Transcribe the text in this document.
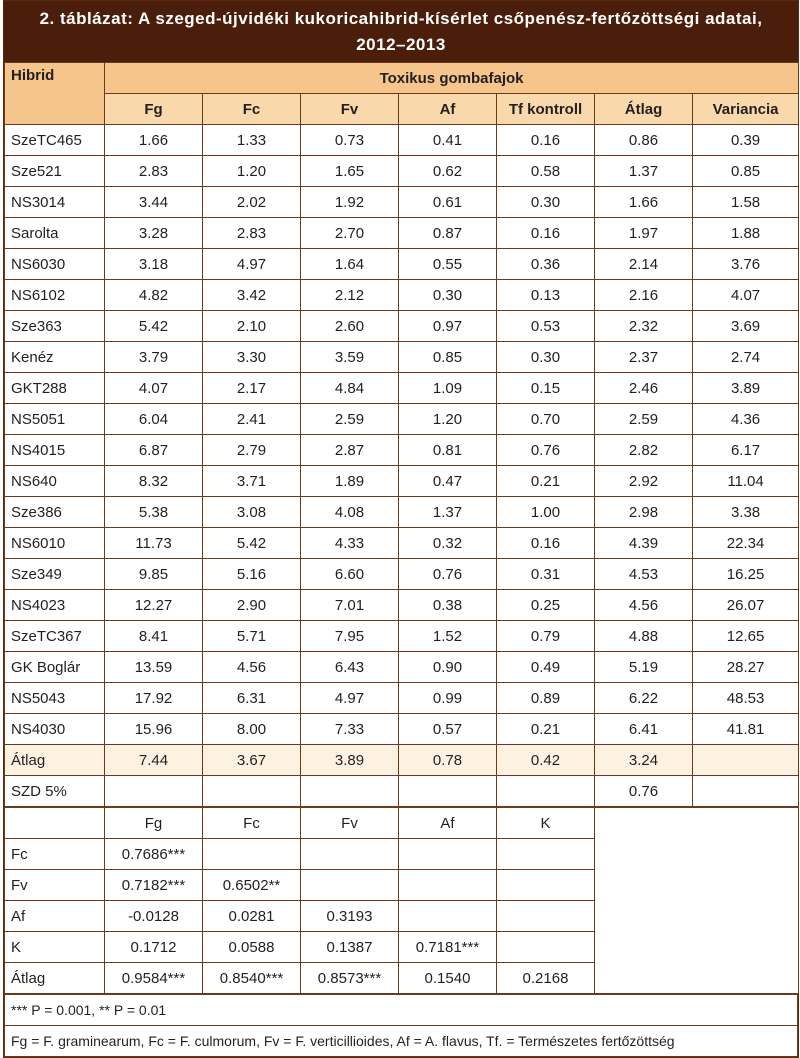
2. táblázat: A szeged-újvidéki kukoricahibrid-kísérlet csőpenész-fertőzöttségi adatai,
2012–2013
Hibrid	Toxikus gombafajok						
	Fg	Fc	Fv	Af	Tf kontroll	Átlag	Variancia
SzeTC465	1.66	1.33	0.73	0.41	0.16	0.86	0.39
Sze521	2.83	1.20	1.65	0.62	0.58	1.37	0.85
NS3014	3.44	2.02	1.92	0.61	0.30	1.66	1.58
Sarolta	3.28	2.83	2.70	0.87	0.16	1.97	1.88
NS6030	3.18	4.97	1.64	0.55	0.36	2.14	3.76
NS6102	4.82	3.42	2.12	0.30	0.13	2.16	4.07
Sze363	5.42	2.10	2.60	0.97	0.53	2.32	3.69
Kenéz	3.79	3.30	3.59	0.85	0.30	2.37	2.74
GKT288	4.07	2.17	4.84	1.09	0.15	2.46	3.89
NS5051	6.04	2.41	2.59	1.20	0.70	2.59	4.36
NS4015	6.87	2.79	2.87	0.81	0.76	2.82	6.17
NS640	8.32	3.71	1.89	0.47	0.21	2.92	11.04
Sze386	5.38	3.08	4.08	1.37	1.00	2.98	3.38
NS6010	11.73	5.42	4.33	0.32	0.16	4.39	22.34
Sze349	9.85	5.16	6.60	0.76	0.31	4.53	16.25
NS4023	12.27	2.90	7.01	0.38	0.25	4.56	26.07
SzeTC367	8.41	5.71	7.95	1.52	0.79	4.88	12.65
GK Boglár	13.59	4.56	6.43	0.90	0.49	5.19	28.27
NS5043	17.92	6.31	4.97	0.99	0.89	6.22	48.53
NS4030	15.96	8.00	7.33	0.57	0.21	6.41	41.81
Átlag	7.44	3.67	3.89	0.78	0.42	3.24	
SZD 5%						0.76	
	Fg	Fc	Fv	Af	K	
Fc	0.7686***					
Fv	0.7182***	0.6502**				
Af	-0.0128	0.0281	0.3193			
K	0.1712	0.0588	0.1387	0.7181***		
Átlag	0.9584***	0.8540***	0.8573***	0.1540	0.2168	
*** P = 0.001, ** P = 0.01
Fg = F. graminearum, Fc = F. culmorum, Fv = F. verticillioides, Af = A. flavus, Tf. = Természetes fertőzöttség
